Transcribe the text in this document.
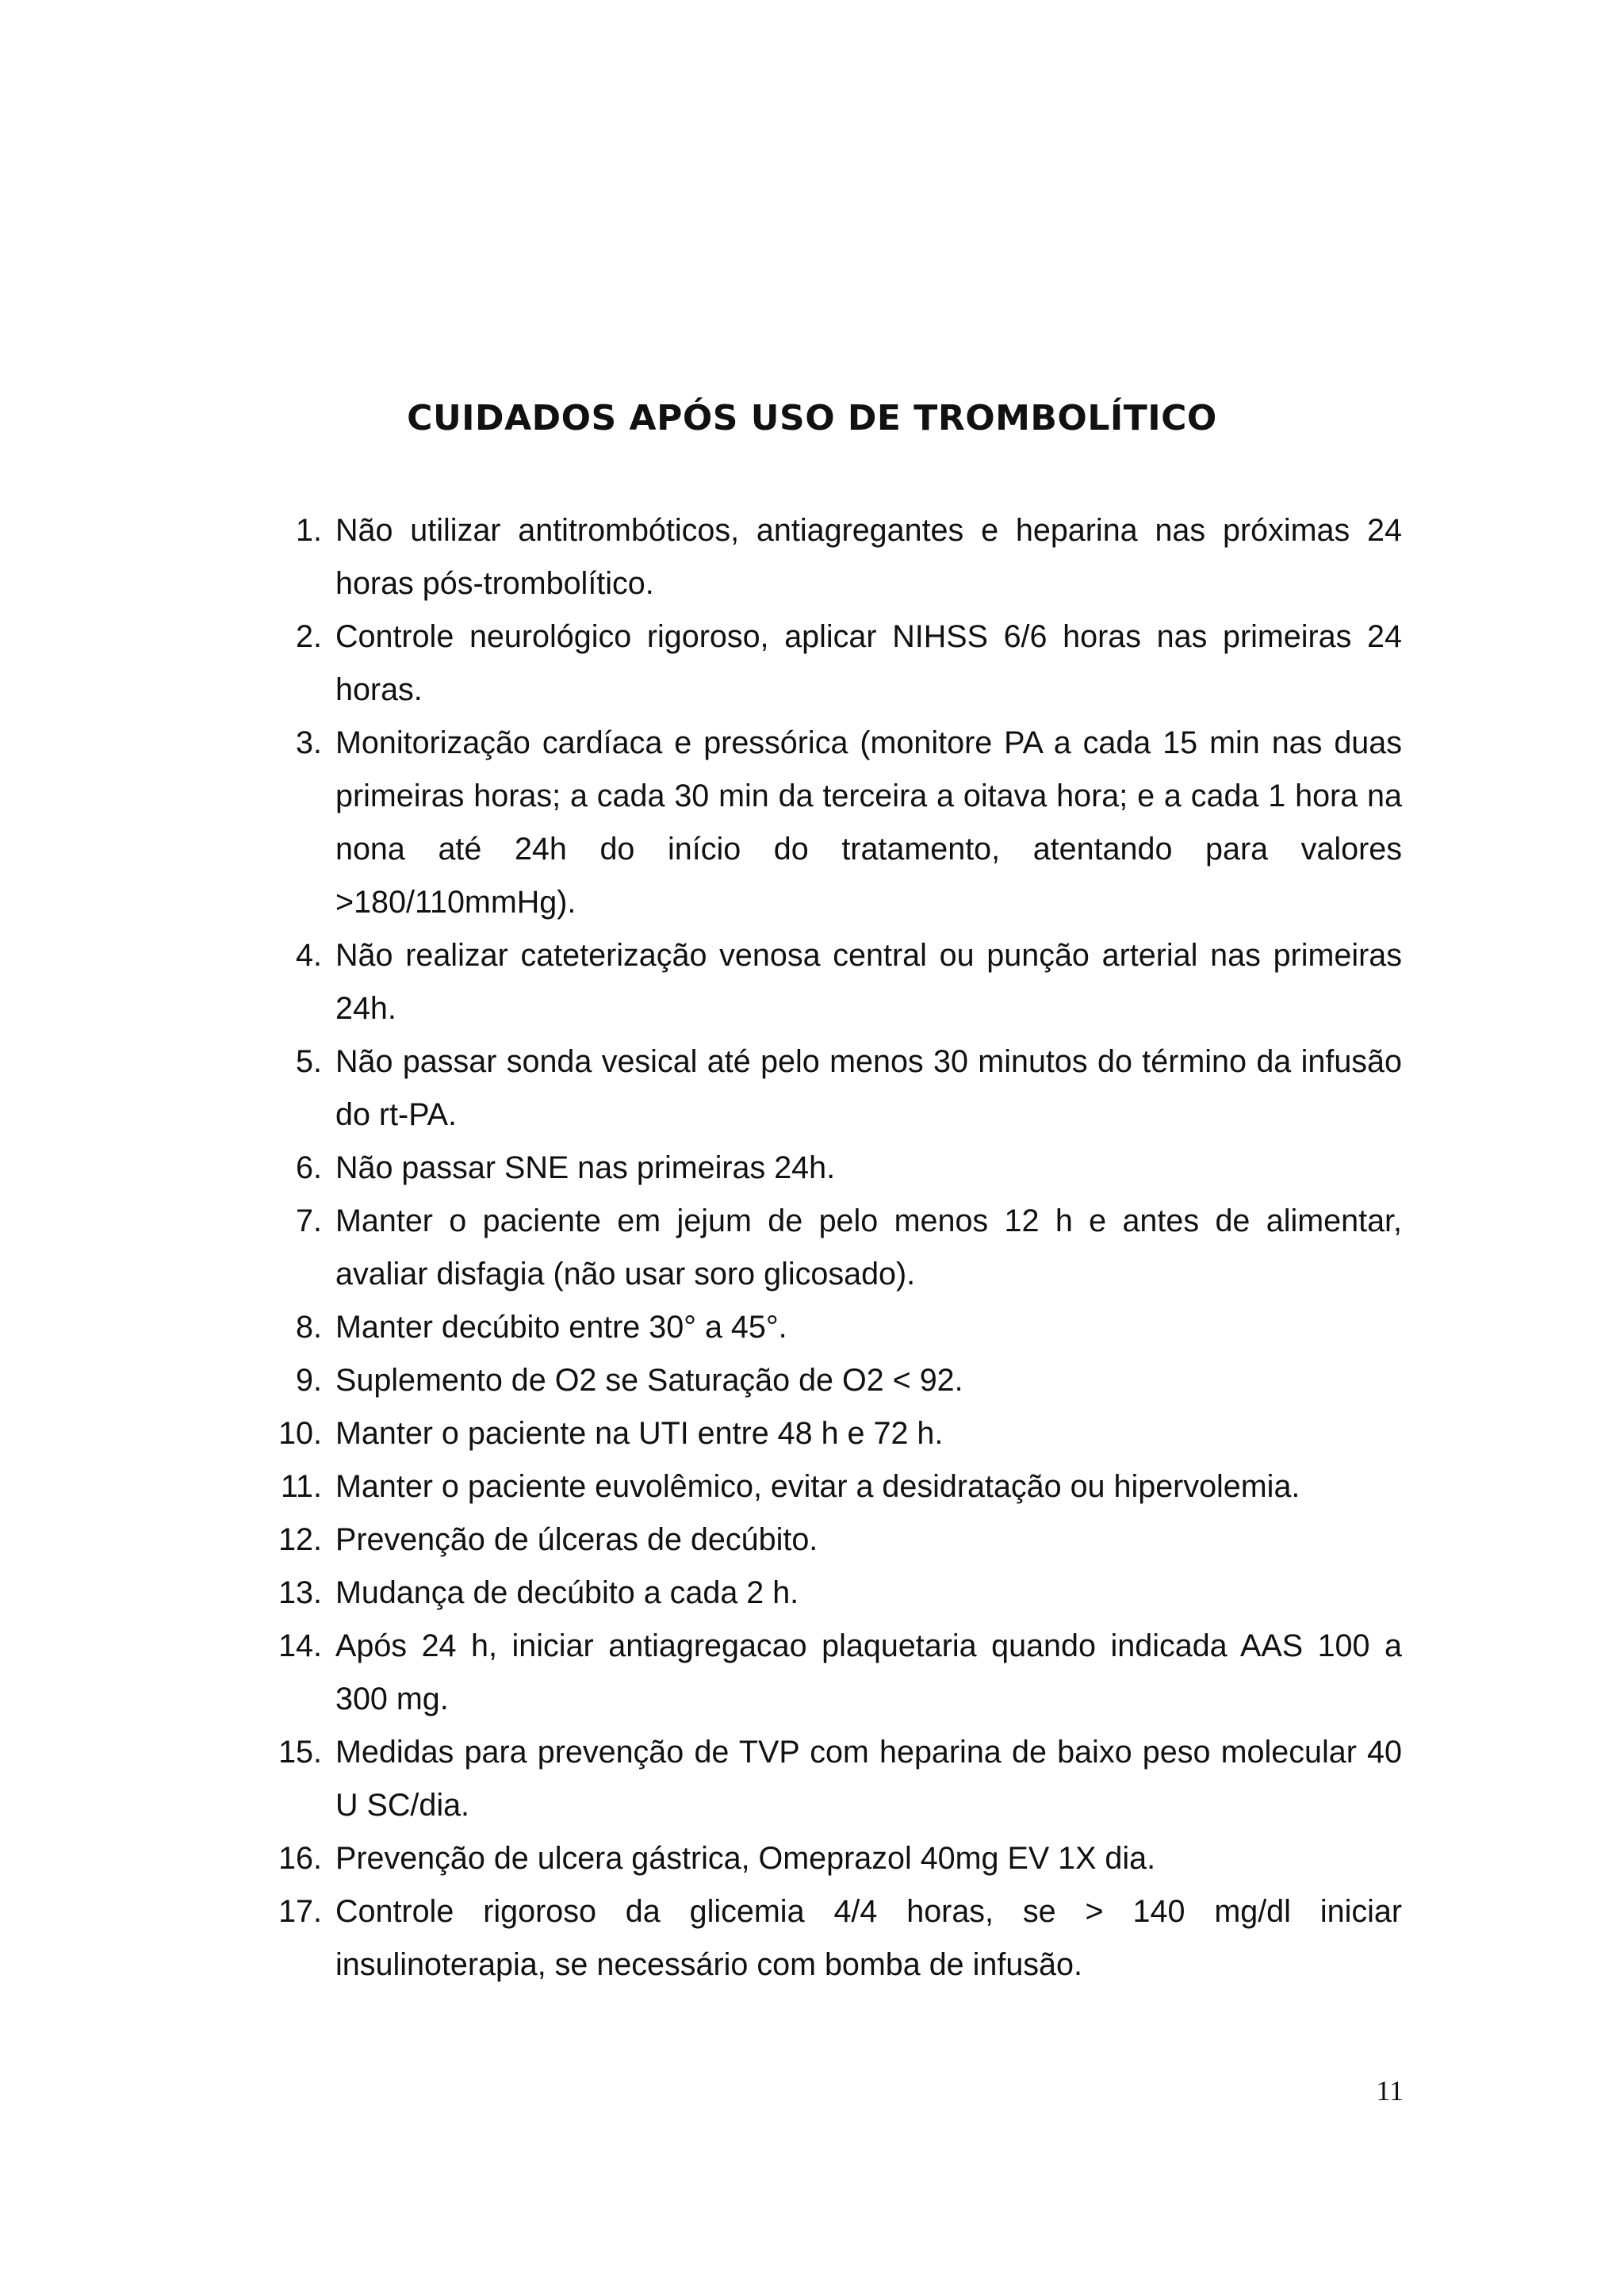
CUIDADOS APÓS USO DE TROMBOLÍTICO
1. Não utilizar antitrombóticos, antiagregantes e heparina nas próximas 24 horas pós-trombolítico.
2. Controle neurológico rigoroso, aplicar NIHSS 6/6 horas nas primeiras 24 horas.
3. Monitorização cardíaca e pressórica (monitore PA a cada 15 min nas duas primeiras horas; a cada 30 min da terceira a oitava hora; e a cada 1 hora na nona até 24h do início do tratamento, atentando para valores >180/110mmHg).
4. Não realizar cateterização venosa central ou punção arterial nas primeiras 24h.
5. Não passar sonda vesical até pelo menos 30 minutos do término da infusão do rt-PA.
6. Não passar SNE nas primeiras 24h.
7. Manter o paciente em jejum de pelo menos 12 h e antes de alimentar, avaliar disfagia (não usar soro glicosado).
8. Manter decúbito entre 30° a 45°.
9. Suplemento de O2 se Saturação de O2 < 92.
10. Manter o paciente na UTI entre 48 h e 72 h.
11. Manter o paciente euvolêmico, evitar a desidratação ou hipervolemia.
12. Prevenção de úlceras de decúbito.
13. Mudança de decúbito a cada 2 h.
14. Após 24 h, iniciar antiagregacao plaquetaria quando indicada AAS 100 a 300 mg.
15. Medidas para prevenção de TVP com heparina de baixo peso molecular 40 U SC/dia.
16. Prevenção de ulcera gástrica, Omeprazol 40mg EV 1X dia.
17. Controle rigoroso da glicemia 4/4 horas, se > 140 mg/dl iniciar insulinoterapia, se necessário com bomba de infusão.
11
